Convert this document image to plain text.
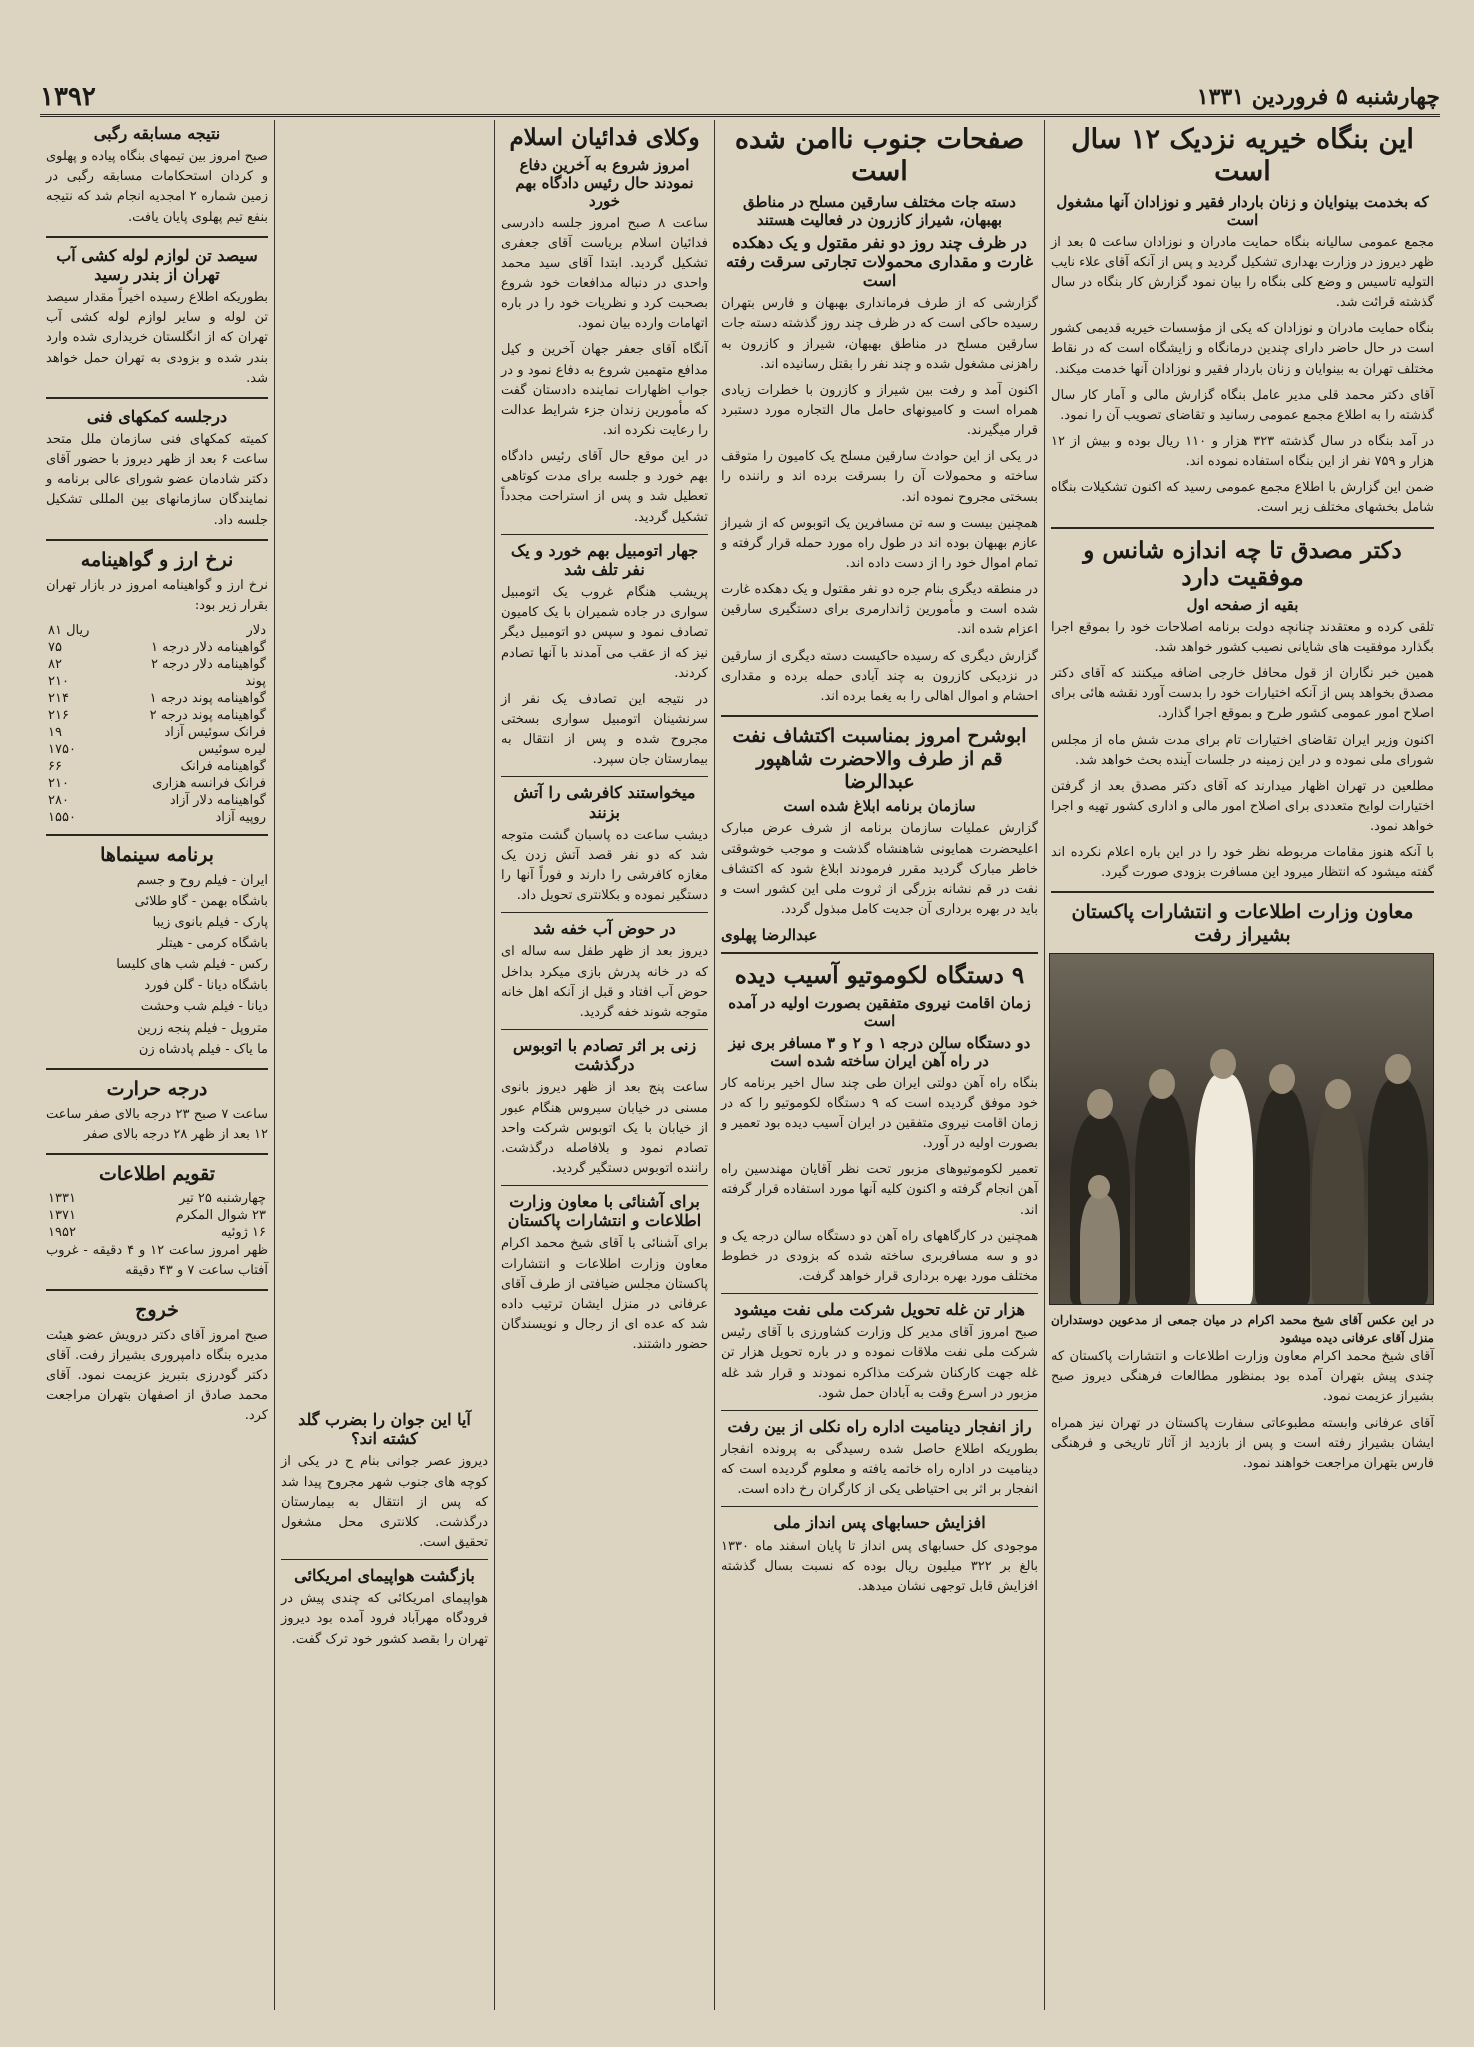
۱۳۹۲	چهارشنبه ۵ فروردین ۱۳۳۱
این بنگاه خیریه نزدیک ۱۲ سال است
که بخدمت بینوایان و زنان باردار فقیر و نوزادان آنها مشغول است

مجمع عمومی سالیانه بنگاه حمایت مادران و نوزادان ساعت ۵ بعد از ظهر دیروز در وزارت بهداری تشکیل گردید و پس از آنکه آقای علاء نایب التولیه تاسیس و وضع کلی بنگاه را بیان نمود گزارش کار بنگاه در سال گذشته قرائت شد.

بنگاه حمایت مادران و نوزادان که یکی از مؤسسات خیریه قدیمی کشور است در حال حاضر دارای چندین درمانگاه و زایشگاه است که در نقاط مختلف تهران به بینوایان و زنان باردار فقیر و نوزادان آنها خدمت میکند.

آقای دکتر محمد قلی مدیر عامل بنگاه گزارش مالی و آمار کار سال گذشته را به اطلاع مجمع عمومی رسانید و تقاضای تصویب آن را نمود.

در آمد بنگاه در سال گذشته ۳۲۳ هزار و ۱۱۰ ریال بوده و بیش از ۱۲ هزار و ۷۵۹ نفر از این بنگاه استفاده نموده اند.

ضمن این گزارش با اطلاع مجمع عمومی رسید که اکنون تشکیلات بنگاه شامل بخشهای مختلف زیر است.

دکتر مصدق تا چه اندازه شانس و موفقیت دارد
بقیه از صفحه اول

تلقی کرده و معتقدند چنانچه دولت برنامه اصلاحات خود را بموقع اجرا بگذارد موفقیت های شایانی نصیب کشور خواهد شد.

همین خبر نگاران از قول محافل خارجی اضافه میکنند که آقای دکتر مصدق بخواهد پس از آنکه اختیارات خود را بدست آورد نقشه هائی برای اصلاح امور عمومی کشور طرح و بموقع اجرا گذارد.

اکنون وزیر ایران تقاضای اختیارات تام برای مدت شش ماه از مجلس شورای ملی نموده و در این زمینه در جلسات آینده بحث خواهد شد.

مطلعین در تهران اظهار میدارند که آقای دکتر مصدق بعد از گرفتن اختیارات لوایح متعددی برای اصلاح امور مالی و اداری کشور تهیه و اجرا خواهد نمود.

با آنکه هنوز مقامات مربوطه نظر خود را در این باره اعلام نکرده اند گفته میشود که انتظار میرود این مسافرت بزودی صورت گیرد.

معاون وزارت اطلاعات و انتشارات پاکستان بشیراز رفت
در این عکس آقای شیخ محمد اکرام در میان جمعی از مدعوین دوستداران منزل آقای عرفانی دیده میشود

آقای شیخ محمد اکرام معاون وزارت اطلاعات و انتشارات پاکستان که چندی پیش بتهران آمده بود بمنظور مطالعات فرهنگی دیروز صبح بشیراز عزیمت نمود.

آقای عرفانی وابسته مطبوعاتی سفارت پاکستان در تهران نیز همراه ایشان بشیراز رفته است و پس از بازدید از آثار تاریخی و فرهنگی فارس بتهران مراجعت خواهند نمود.

صفحات جنوب ناامن شده است
دسته جات مختلف سارقین مسلح در مناطق بهبهان، شیراز کازرون در فعالیت هستند
در ظرف چند روز دو نفر مقتول و یک دهکده غارت و مقداری محمولات تجارتی سرقت رفته است

گزارشی که از طرف فرمانداری بهبهان و فارس بتهران رسیده حاکی است که در ظرف چند روز گذشته دسته جات سارقین مسلح در مناطق بهبهان، شیراز و کازرون به راهزنی مشغول شده و چند نفر را بقتل رسانیده اند.

اکنون آمد و رفت بین شیراز و کازرون با خطرات زیادی همراه است و کامیونهای حامل مال التجاره مورد دستبرد قرار میگیرند.

در یکی از این حوادث سارقین مسلح یک کامیون را متوقف ساخته و محمولات آن را بسرقت برده اند و راننده را بسختی مجروح نموده اند.

همچنین بیست و سه تن مسافرین یک اتوبوس که از شیراز عازم بهبهان بوده اند در طول راه مورد حمله قرار گرفته و تمام اموال خود را از دست داده اند.

در منطقه دیگری بنام جره دو نفر مقتول و یک دهکده غارت شده است و مأمورین ژاندارمری برای دستگیری سارقین اعزام شده اند.

گزارش دیگری که رسیده حاکیست دسته دیگری از سارقین در نزدیکی کازرون به چند آبادی حمله برده و مقداری احشام و اموال اهالی را به یغما برده اند.

ابوشرح امروز بمناسبت اکتشاف نفت قم از طرف والاحضرت شاهپور عبدالرضا
سازمان برنامه ابلاغ شده است

گزارش عملیات سازمان برنامه از شرف عرض مبارک اعلیحضرت همایونی شاهنشاه گذشت و موجب خوشوقتی خاطر مبارک گردید مقرر فرمودند ابلاغ شود که اکتشاف نفت در قم نشانه بزرگی از ثروت ملی این کشور است و باید در بهره برداری آن جدیت کامل مبذول گردد.

عبدالرضا پهلوی
۹ دستگاه لکوموتیو آسیب دیده
زمان اقامت نیروی متفقین بصورت اولیه در آمده است
دو دستگاه سالن درجه ۱ و ۲ و ۳ مسافر بری نیز در راه آهن ایران ساخته شده است

بنگاه راه آهن دولتی ایران طی چند سال اخیر برنامه کار خود موفق گردیده است که ۹ دستگاه لکوموتیو را که در زمان اقامت نیروی متفقین در ایران آسیب دیده بود تعمیر و بصورت اولیه در آورد.

تعمیر لکوموتیوهای مزبور تحت نظر آقایان مهندسین راه آهن انجام گرفته و اکنون کلیه آنها مورد استفاده قرار گرفته اند.

همچنین در کارگاههای راه آهن دو دستگاه سالن درجه یک و دو و سه مسافربری ساخته شده که بزودی در خطوط مختلف مورد بهره برداری قرار خواهد گرفت.

هزار تن غله تحویل شرکت ملی نفت میشود

صبح امروز آقای مدیر کل وزارت کشاورزی با آقای رئیس شرکت ملی نفت ملاقات نموده و در باره تحویل هزار تن غله جهت کارکنان شرکت مذاکره نمودند و قرار شد غله مزبور در اسرع وقت به آبادان حمل شود.

راز انفجار دینامیت اداره راه نکلی از بین رفت

بطوریکه اطلاع حاصل شده رسیدگی به پرونده انفجار دینامیت در اداره راه خاتمه یافته و معلوم گردیده است که انفجار بر اثر بی احتیاطی یکی از کارگران رخ داده است.

افزایش حسابهای پس انداز ملی

موجودی کل حسابهای پس انداز تا پایان اسفند ماه ۱۳۳۰ بالغ بر ۳۲۲ میلیون ریال بوده که نسبت بسال گذشته افزایش قابل توجهی نشان میدهد.

وکلای فدائیان اسلام
امروز شروع به آخرین دفاع نمودند حال رئیس دادگاه بهم خورد

ساعت ۸ صبح امروز جلسه دادرسی فدائیان اسلام بریاست آقای جعفری تشکیل گردید. ابتدا آقای سید محمد واحدی در دنباله مدافعات خود شروع بصحبت کرد و نظریات خود را در باره اتهامات وارده بیان نمود.

آنگاه آقای جعفر جهان آخرین و کیل مدافع متهمین شروع به دفاع نمود و در جواب اظهارات نماینده دادستان گفت که مأمورین زندان جزء شرایط عدالت را رعایت نکرده اند.

در این موقع حال آقای رئیس دادگاه بهم خورد و جلسه برای مدت کوتاهی تعطیل شد و پس از استراحت مجدداً تشکیل گردید.

جهار اتومبیل بهم خورد و یک نفر تلف شد

پریشب هنگام غروب یک اتومبیل سواری در جاده شمیران با یک کامیون تصادف نمود و سپس دو اتومبیل دیگر نیز که از عقب می آمدند با آنها تصادم کردند.

در نتیجه این تصادف یک نفر از سرنشینان اتومبیل سواری بسختی مجروح شده و پس از انتقال به بیمارستان جان سپرد.

میخواستند کافرشی را آتش بزنند

دیشب ساعت ده پاسبان گشت متوجه شد که دو نفر قصد آتش زدن یک مغازه کافرشی را دارند و فوراً آنها را دستگیر نموده و بکلانتری تحویل داد.

در حوض آب خفه شد

دیروز بعد از ظهر طفل سه ساله ای که در خانه پدرش بازی میکرد بداخل حوض آب افتاد و قبل از آنکه اهل خانه متوجه شوند خفه گردید.

زنی بر اثر تصادم با اتوبوس درگذشت

ساعت پنج بعد از ظهر دیروز بانوی مسنی در خیابان سیروس هنگام عبور از خیابان با یک اتوبوس شرکت واحد تصادم نمود و بلافاصله درگذشت. راننده اتوبوس دستگیر گردید.

برای آشنائی با معاون وزارت اطلاعات و انتشارات پاکستان

برای آشنائی با آقای شیخ محمد اکرام معاون وزارت اطلاعات و انتشارات پاکستان مجلس ضیافتی از طرف آقای عرفانی در منزل ایشان ترتیب داده شد که عده ای از رجال و نویسندگان حضور داشتند.

آیا این جوان را بضرب گلد کشته اند؟

دیروز عصر جوانی بنام ح در یکی از کوچه های جنوب شهر مجروح پیدا شد که پس از انتقال به بیمارستان درگذشت. کلانتری محل مشغول تحقیق است.

بازگشت هواپیمای امریکائی

هواپیمای امریکائی که چندی پیش در فرودگاه مهرآباد فرود آمده بود دیروز تهران را بقصد کشور خود ترک گفت.

نتیجه مسابقه رگبی

صبح امروز بین تیمهای بنگاه پیاده و پهلوی و کردان استحکامات مسابقه رگبی در زمین شماره ۲ امجدیه انجام شد که نتیجه بنفع تیم پهلوی پایان یافت.

سیصد تن لوازم لوله کشی آب تهران از بندر رسید

بطوریکه اطلاع رسیده اخیراً مقدار سیصد تن لوله و سایر لوازم لوله کشی آب تهران که از انگلستان خریداری شده وارد بندر شده و بزودی به تهران حمل خواهد شد.

درجلسه کمکهای فنی

کمیته کمکهای فنی سازمان ملل متحد ساعت ۶ بعد از ظهر دیروز با حضور آقای دکتر شادمان عضو شورای عالی برنامه و نمایندگان سازمانهای بین المللی تشکیل جلسه داد.

نرخ ارز و گواهینامه

نرخ ارز و گواهینامه امروز در بازار تهران بقرار زیر بود:

دلار	۸۱ ریال
گواهینامه دلار درجه ۱	۷۵
گواهینامه دلار درجه ۲	۸۲
پوند	۲۱۰
گواهینامه پوند درجه ۱	۲۱۴
گواهینامه پوند درجه ۲	۲۱۶
فرانک سوئیس آزاد	۱۹
لیره سوئیس	۱۷۵۰
گواهینامه فرانک	۶۶
فرانک فرانسه هزاری	۲۱۰
گواهینامه دلار آزاد	۲۸۰
روپیه آزاد	۱۵۵۰
برنامه سینماها

ایران - فیلم روح و جسم

باشگاه بهمن - گاو طلائی

پارک - فیلم بانوی زیبا

باشگاه کرمی - هیتلر

رکس - فیلم شب های کلیسا

باشگاه دیانا - گلن فورد

دیانا - فیلم شب وحشت

متروپل - فیلم پنجه زرین

ما یاک - فیلم پادشاه زن

درجه حرارت

ساعت ۷ صبح ۲۳ درجه بالای صفر ساعت ۱۲ بعد از ظهر ۲۸ درجه بالای صفر

تقویم اطلاعات
چهارشنبه ۲۵ تیر	۱۳۳۱
۲۳ شوال المکرم	۱۳۷۱
۱۶ ژوئیه	۱۹۵۲

ظهر امروز ساعت ۱۲ و ۴ دقیقه - غروب آفتاب ساعت ۷ و ۴۳ دقیقه

خروج

صبح امروز آقای دکتر درویش عضو هیئت مدیره بنگاه دامپروری بشیراز رفت. آقای دکتر گودرزی بتبریز عزیمت نمود. آقای محمد صادق از اصفهان بتهران مراجعت کرد.
